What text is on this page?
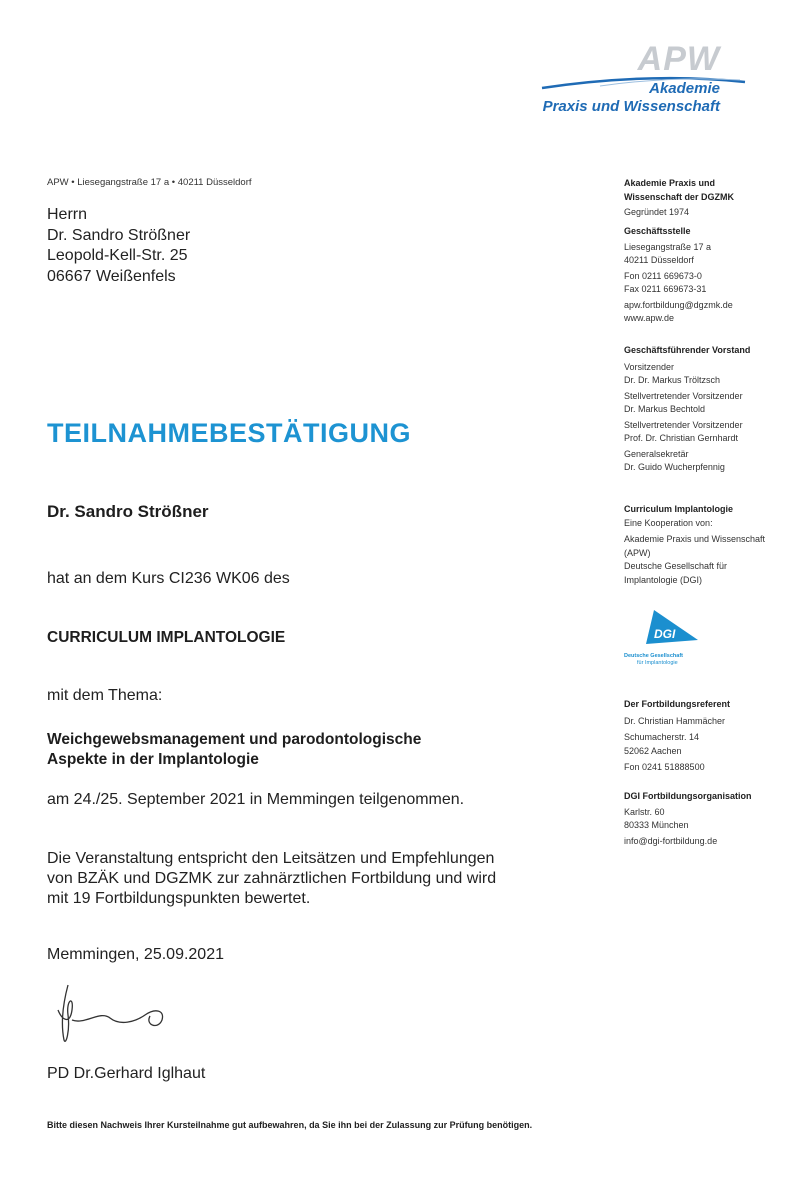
APW
Akademie
Praxis und Wissenschaft
APW • Liesegangstraße 17 a • 40211 Düsseldorf
Herrn
Dr. Sandro Strößner
Leopold-Kell-Str. 25
06667 Weißenfels
TEILNAHMEBESTÄTIGUNG
Dr. Sandro Strößner
hat an dem Kurs CI236 WK06 des
CURRICULUM IMPLANTOLOGIE
mit dem Thema:
Weichgewebsmanagement und parodontologische
Aspekte in der Implantologie
am 24./25. September 2021 in Memmingen teilgenommen.
Die Veranstaltung entspricht den Leitsätzen und Empfehlungen
von BZÄK und DGZMK zur zahnärztlichen Fortbildung und wird
mit 19 Fortbildungspunkten bewertet.
Memmingen, 25.09.2021
PD Dr.Gerhard Iglhaut
Bitte diesen Nachweis Ihrer Kursteilnahme gut aufbewahren, da Sie ihn bei der Zulassung zur Prüfung benötigen.
Akademie Praxis und
Wissenschaft der DGZMK
Gegründet 1974
Geschäftsstelle
Liesegangstraße 17 a
40211 Düsseldorf
Fon 0211 669673-0
Fax 0211 669673-31
apw.fortbildung@dgzmk.de
www.apw.de
Geschäftsführender Vorstand
Vorsitzender
Dr. Dr. Markus Tröltzsch
Stellvertretender Vorsitzender
Dr. Markus Bechtold
Stellvertretender Vorsitzender
Prof. Dr. Christian Gernhardt
Generalsekretär
Dr. Guido Wucherpfennig
Curriculum Implantologie
Eine Kooperation von:
Akademie Praxis und Wissenschaft
(APW)
Deutsche Gesellschaft für
Implantologie (DGI)
DGI
Deutsche Gesellschaft
für Implantologie
Der Fortbildungsreferent
Dr. Christian Hammächer
Schumacherstr. 14
52062 Aachen
Fon 0241 51888500
DGI Fortbildungsorganisation
Karlstr. 60
80333 München
info@dgi-fortbildung.de
